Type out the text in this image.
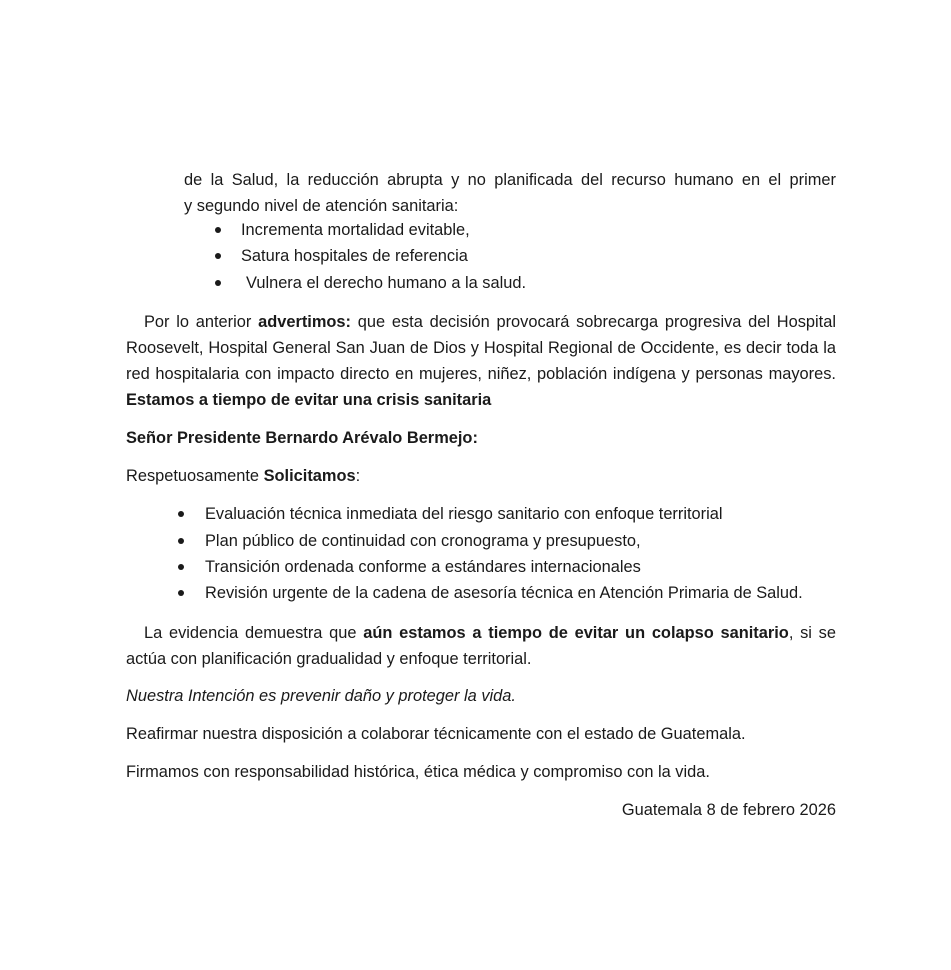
de la Salud, la reducción abrupta y no planificada del recurso humano en el primer

y segundo nivel de atención sanitaria:

Incrementa mortalidad evitable,

Satura hospitales de referencia

Vulnera el derecho humano a la salud.

Por lo anterior advertimos: que esta decisión provocará sobrecarga progresiva del Hospital Roosevelt, Hospital General San Juan de Dios y Hospital Regional de Occidente, es decir toda la red hospitalaria con impacto directo en mujeres, niñez, población indígena y personas mayores. Estamos a tiempo de evitar una crisis sanitaria

Señor Presidente Bernardo Arévalo Bermejo:

Respetuosamente Solicitamos:

Evaluación técnica inmediata del riesgo sanitario con enfoque territorial

Plan público de continuidad con cronograma y presupuesto,

Transición ordenada conforme a estándares internacionales

Revisión urgente de la cadena de asesoría técnica en Atención Primaria de Salud.

La evidencia demuestra que aún estamos a tiempo de evitar un colapso sanitario, si se actúa con planificación gradualidad y enfoque territorial.

Nuestra Intención es prevenir daño y proteger la vida.

Reafirmar nuestra disposición a colaborar técnicamente con el estado de Guatemala.

Firmamos con responsabilidad histórica, ética médica y compromiso con la vida.

Guatemala 8 de febrero 2026
